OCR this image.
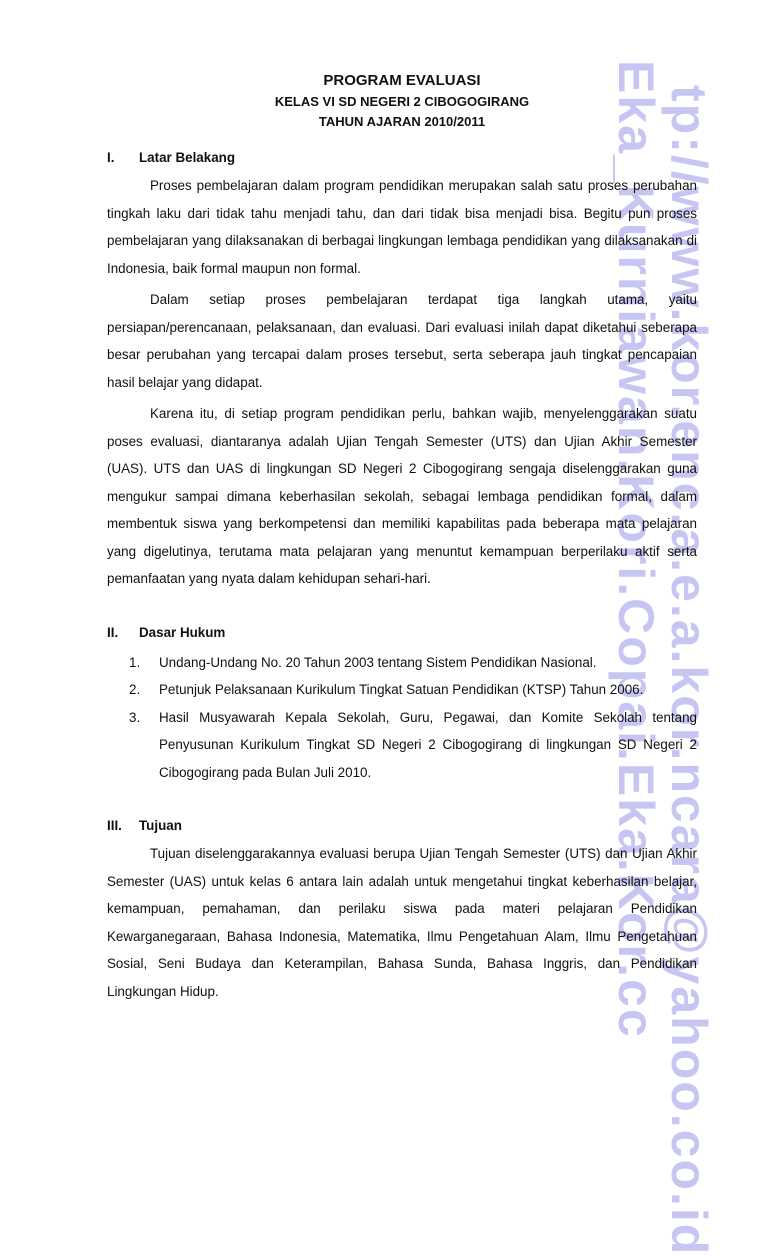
Eka_Kurniawan.Kori.Copai.Eka.Kor.cc
tp://www.kor.enc.a.e.a.kor.ncara@yahoo.co.id
PROGRAM EVALUASI
KELAS VI SD NEGERI 2 CIBOGOGIRANG
TAHUN AJARAN 2010/2011
I.	Latar Belakang

Proses pembelajaran dalam program pendidikan merupakan salah satu proses perubahan tingkah laku dari tidak tahu menjadi tahu, dan dari tidak bisa menjadi bisa. Begitu pun proses pembelajaran yang dilaksanakan di berbagai lingkungan lembaga pendidikan yang dilaksanakan di Indonesia, baik formal maupun non formal.

Dalam setiap proses pembelajaran terdapat tiga langkah utama, yaitu persiapan/perencanaan, pelaksanaan, dan evaluasi. Dari evaluasi inilah dapat diketahui seberapa besar perubahan yang tercapai dalam proses tersebut, serta seberapa jauh tingkat pencapaian hasil belajar yang didapat.

Karena itu, di setiap program pendidikan perlu, bahkan wajib, menyelenggarakan suatu poses evaluasi, diantaranya adalah Ujian Tengah Semester (UTS) dan Ujian Akhir Semester (UAS). UTS dan UAS di lingkungan SD Negeri 2 Cibogogirang sengaja diselenggarakan guna mengukur sampai dimana keberhasilan sekolah, sebagai lembaga pendidikan formal, dalam membentuk siswa yang berkompetensi dan memiliki kapabilitas pada beberapa mata pelajaran yang digelutinya, terutama mata pelajaran yang menuntut kemampuan berperilaku aktif serta pemanfaatan yang nyata dalam kehidupan sehari-hari.

II.	Dasar Hukum
1.	Undang-Undang No. 20 Tahun 2003 tentang Sistem Pendidikan Nasional.
2.	Petunjuk Pelaksanaan Kurikulum Tingkat Satuan Pendidikan (KTSP) Tahun 2006.
3.	Hasil Musyawarah Kepala Sekolah, Guru, Pegawai, dan Komite Sekolah tentang Penyusunan Kurikulum Tingkat SD Negeri 2 Cibogogirang di lingkungan SD Negeri 2 Cibogogirang pada Bulan Juli 2010.
III.	Tujuan

Tujuan diselenggarakannya evaluasi berupa Ujian Tengah Semester (UTS) dan Ujian Akhir Semester (UAS) untuk kelas 6 antara lain adalah untuk mengetahui tingkat keberhasilan belajar, kemampuan, pemahaman, dan perilaku siswa pada materi pelajaran Pendidikan Kewarganegaraan, Bahasa Indonesia, Matematika, Ilmu Pengetahuan Alam, Ilmu Pengetahuan Sosial, Seni Budaya dan Keterampilan, Bahasa Sunda, Bahasa Inggris, dan Pendidikan Lingkungan Hidup.
